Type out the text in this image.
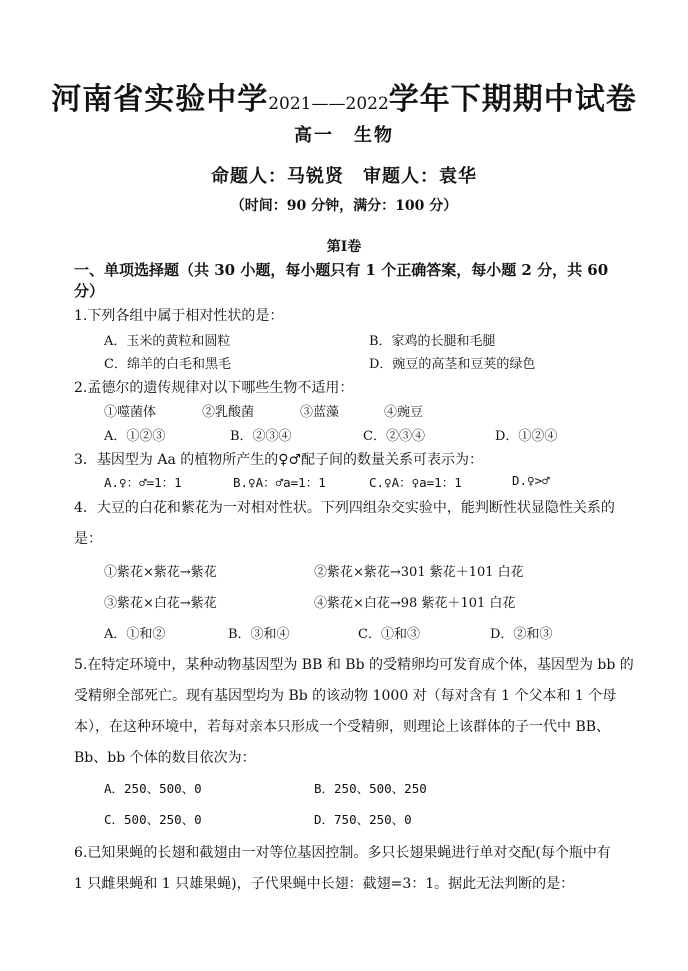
河南省实验中学2021——2022学年下期期中试卷
高一　生物
命题人：马锐贤　审题人：袁华
（时间：90 分钟，满分：100 分）
第Ⅰ卷
一、单项选择题（共 30 小题，每小题只有 1 个正确答案，每小题 2 分，共 60
分）
1.下列各组中属于相对性状的是：
A．玉米的黄粒和圆粒	B．家鸡的长腿和毛腿
C．绵羊的白毛和黑毛	D．豌豆的高茎和豆荚的绿色
2.孟德尔的遗传规律对以下哪些生物不适用：
①噬菌体	②乳酸菌	③蓝藻	④豌豆
A．①②③	B．②③④	C．②③④	D．①②④
3．基因型为 Aa 的植物所产生的♀♂配子间的数量关系可表示为：
A.♀：♂=1：1	B.♀A：♂a=1：1	C.♀A：♀a=1：1	D.♀>♂
4．大豆的白花和紫花为一对相对性状。下列四组杂交实验中，能判断性状显隐性关系的
是：
①紫花×紫花→紫花	②紫花×紫花→301 紫花＋101 白花
③紫花×白花→紫花	④紫花×白花→98 紫花＋101 白花
A．①和②	B．③和④	C．①和③	D．②和③
5.在特定环境中，某种动物基因型为 BB 和 Bb 的受精卵均可发育成个体，基因型为 bb 的
受精卵全部死亡。现有基因型均为 Bb 的该动物 1000 对（每对含有 1 个父本和 1 个母
本），在这种环境中，若每对亲本只形成一个受精卵，则理论上该群体的子一代中 BB、
Bb、bb 个体的数目依次为：
A．250、500、0	B．250、500、250
C．500、250、0	D．750、250、0
6.已知果蝇的长翅和截翅由一对等位基因控制。多只长翅果蝇进行单对交配(每个瓶中有
1 只雌果蝇和 1 只雄果蝇)，子代果蝇中长翅：截翅=3：1。据此无法判断的是：
